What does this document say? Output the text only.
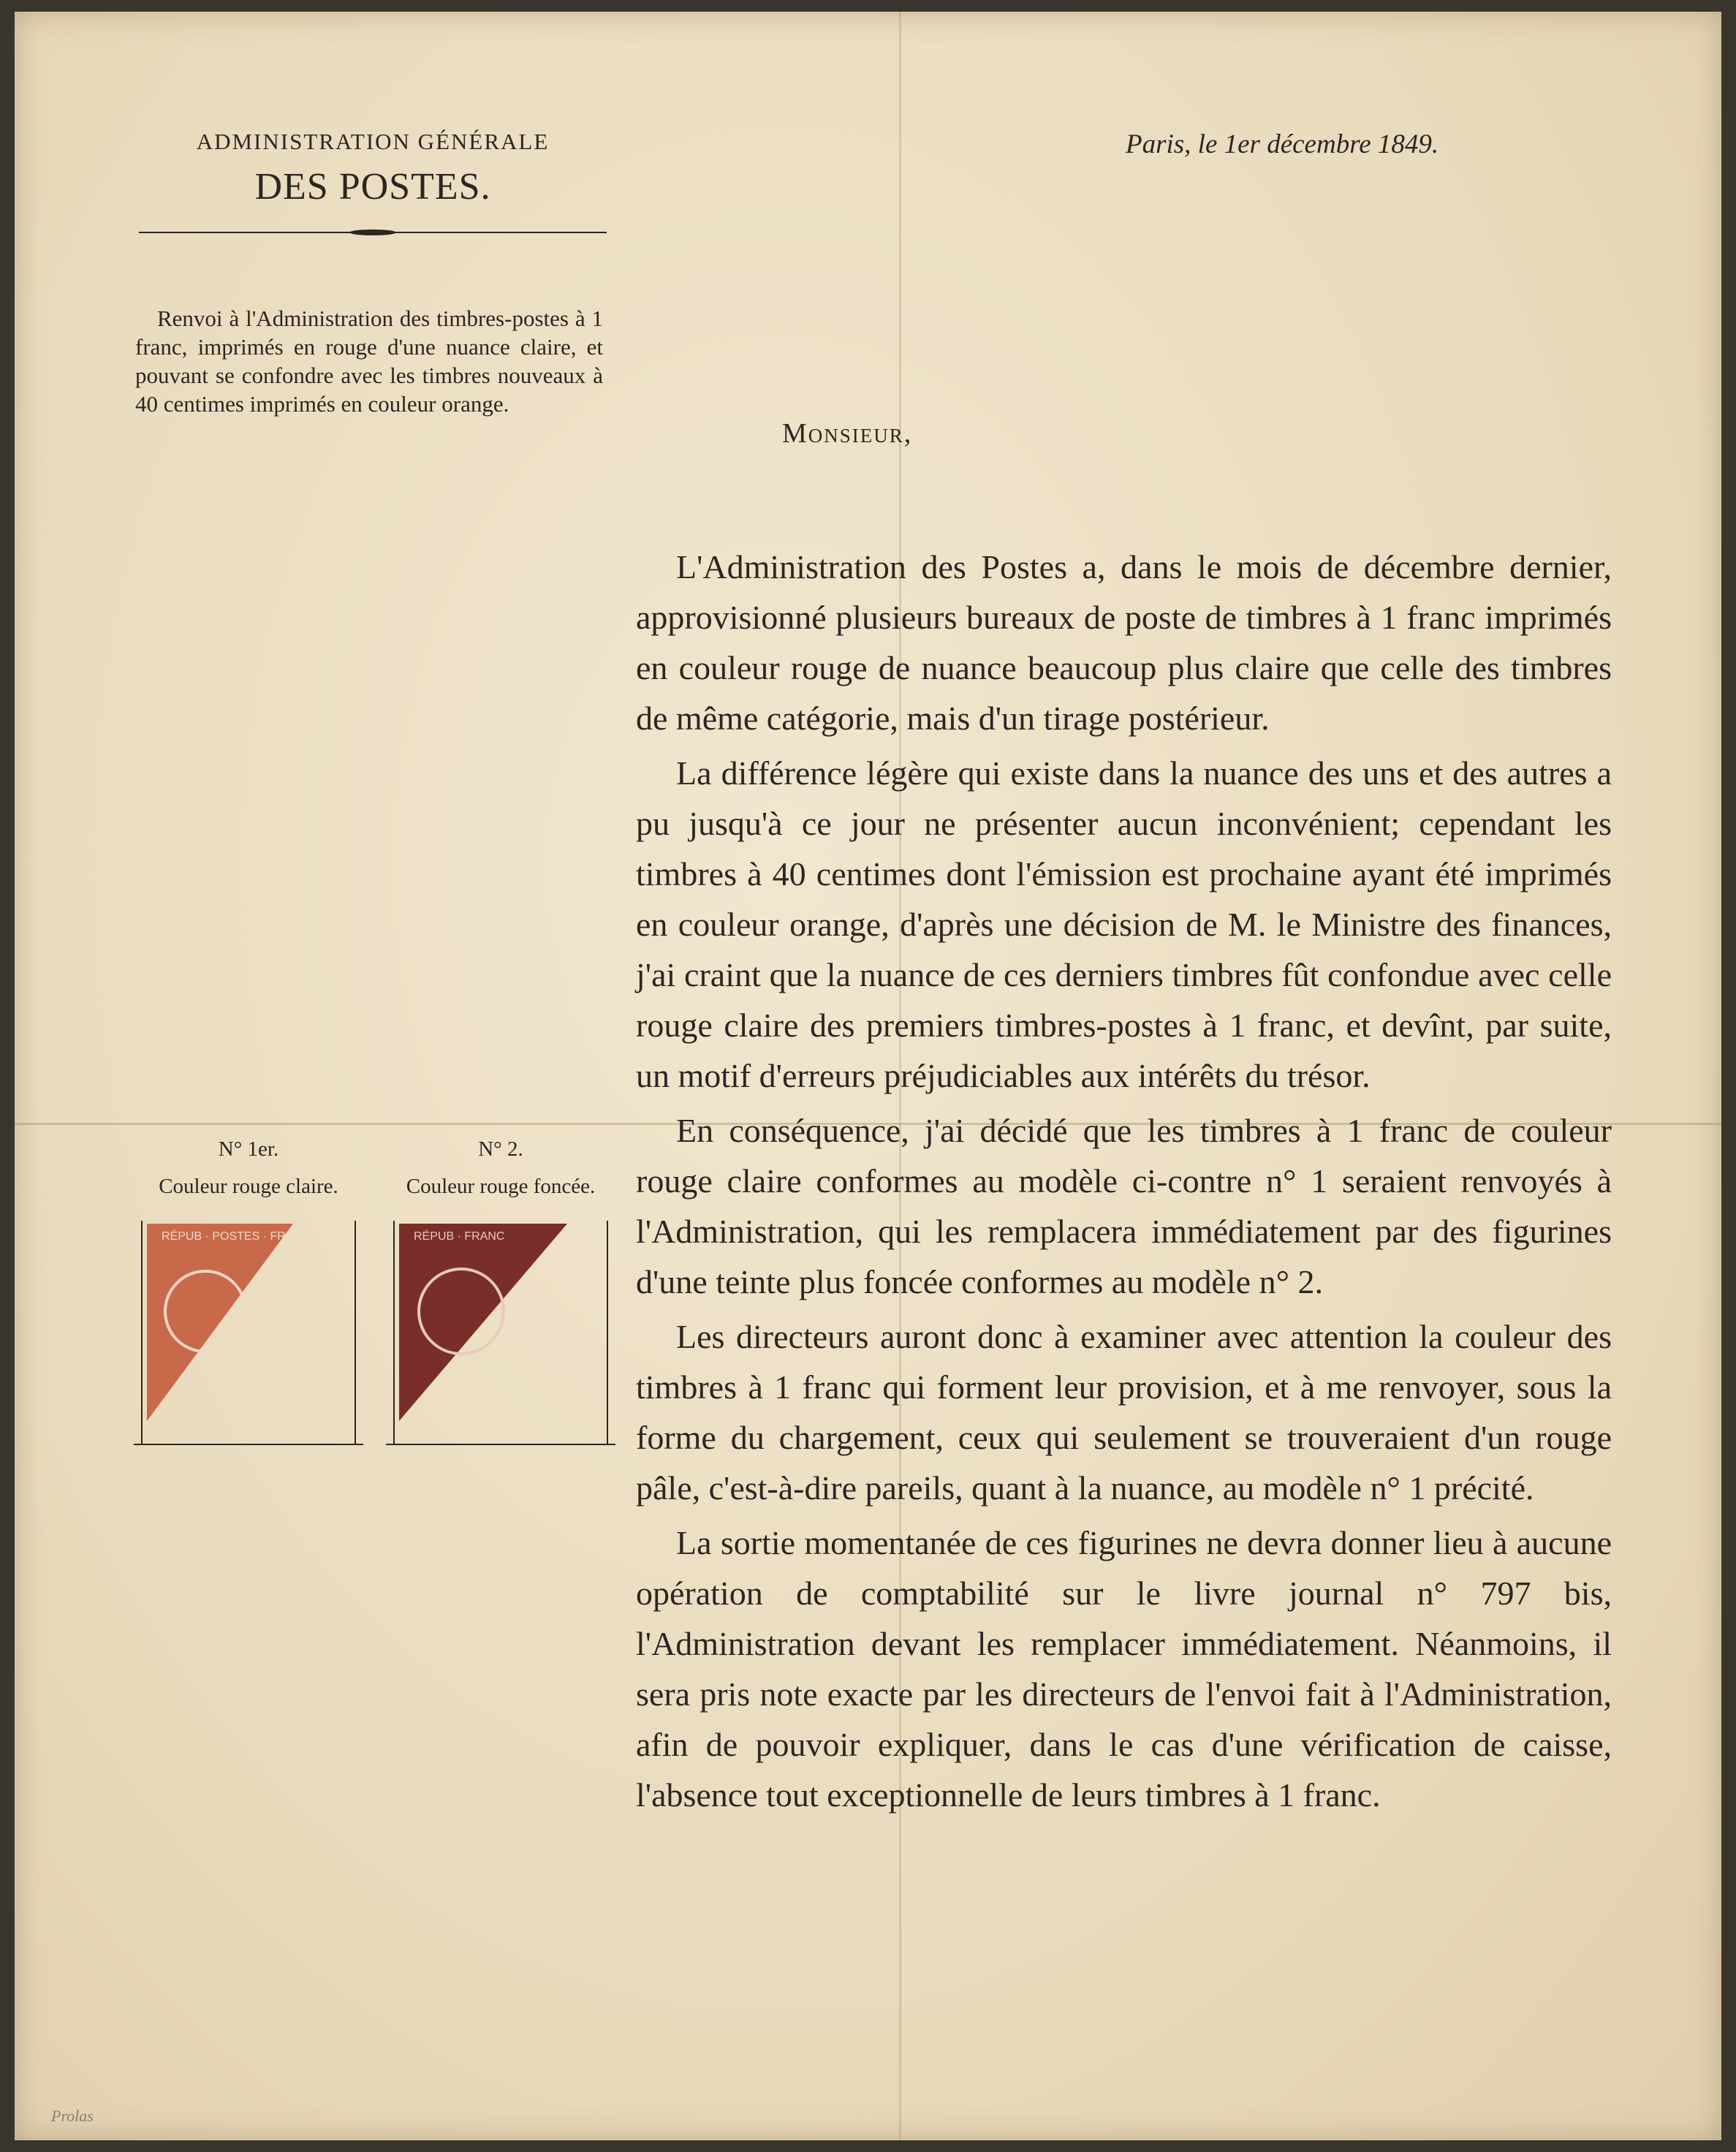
ADMINISTRATION GÉNÉRALE
DES POSTES.
Paris, le 1er décembre 1849.
Renvoi à l'Administration des timbres-postes à 1 franc, imprimés en rouge d'une nuance claire, et pouvant se confondre avec les timbres nouveaux à 40 centimes imprimés en couleur orange.
Monsieur,

L'Administration des Postes a, dans le mois de décembre dernier, approvisionné plusieurs bureaux de poste de timbres à 1 franc imprimés en couleur rouge de nuance beaucoup plus claire que celle des timbres de même catégorie, mais d'un tirage postérieur.

La différence légère qui existe dans la nuance des uns et des autres a pu jusqu'à ce jour ne présenter aucun inconvénient; cependant les timbres à 40 centimes dont l'émission est prochaine ayant été imprimés en couleur orange, d'après une décision de M. le Ministre des finances, j'ai craint que la nuance de ces derniers timbres fût confondue avec celle rouge claire des premiers timbres-postes à 1 franc, et devînt, par suite, un motif d'erreurs préjudiciables aux intérêts du trésor.

En conséquence, j'ai décidé que les timbres à 1 franc de couleur rouge claire conformes au modèle ci-contre n° 1 seraient renvoyés à l'Administration, qui les remplacera immédiatement par des figurines d'une teinte plus foncée conformes au modèle n° 2.

Les directeurs auront donc à examiner avec attention la couleur des timbres à 1 franc qui forment leur provision, et à me renvoyer, sous la forme du chargement, ceux qui seulement se trouveraient d'un rouge pâle, c'est-à-dire pareils, quant à la nuance, au modèle n° 1 précité.

La sortie momentanée de ces figurines ne devra donner lieu à aucune opération de comptabilité sur le livre journal n° 797 bis, l'Administration devant les remplacer immédiatement. Néanmoins, il sera pris note exacte par les directeurs de l'envoi fait à l'Administration, afin de pouvoir expliquer, dans le cas d'une vérification de caisse, l'absence tout exceptionnelle de leurs timbres à 1 franc.

N° 1er.
Couleur rouge claire.
RÉPUB · POSTES · FR
N° 2.
Couleur rouge foncée.
RÉPUB · FRANC
Prolas
